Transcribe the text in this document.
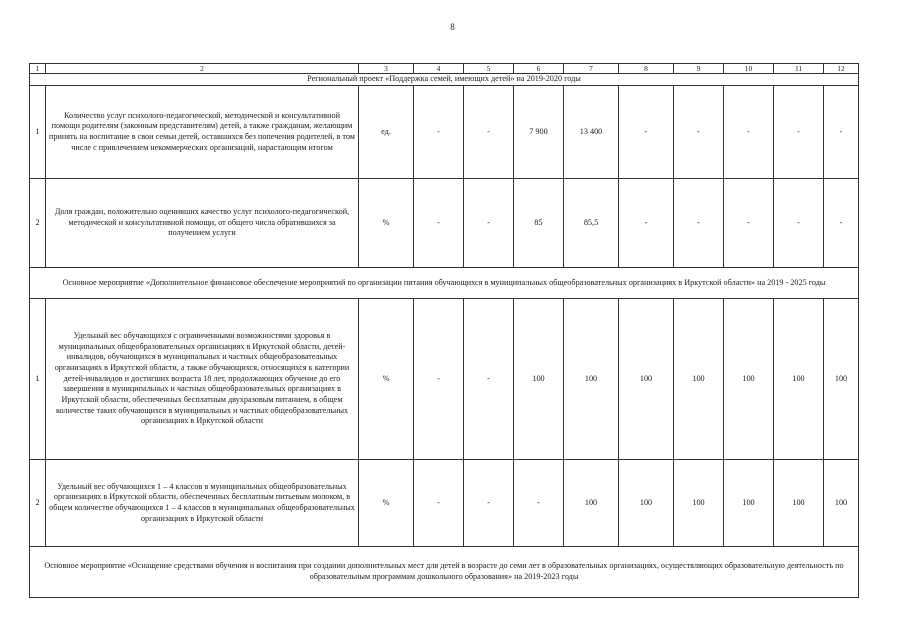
8
1	2	3	4	5	6	7	8	9	10	11	12
Региональный проект «Поддержка семей, имеющих детей» на 2019-2020 годы											
1	Количество услуг психолого-педагогической, методической и консультативной помощи родителям (законным представителям) детей, а также гражданам, желающим принять на воспитание в свои семьи детей, оставшихся без попечения родителей, в том числе с привлечением некоммерческих организаций, нарастающим итогом	ед.	-	-	7 900	13 400	-	-	-	-	-
2	Доля граждан, положительно оценивших качество услуг психолого-педагогической, методической и консультативной помощи, от общего числа обратившихся за получением услуги	%	-	-	85	85,5	-	-	-	-	-
Основное мероприятие «Дополнительное финансовое обеспечение мероприятий по организации питания обучающихся в муниципальных общеобразовательных организациях в Иркутской области» на 2019 - 2025 годы											
1	Удельный вес обучающихся с ограниченными возможностями здоровья в муниципальных общеобразовательных организациях в Иркутской области, детей-инвалидов, обучающихся в муниципальных и частных общеобразовательных организациях в Иркутской области, а также обучающихся, относящихся к категории детей-инвалидов и достигших возраста 18 лет, продолжающих обучение до его завершения в муниципальных и частных общеобразовательных организациях в Иркутской области, обеспеченных бесплатным двухразовым питанием, в общем количестве таких обучающихся в муниципальных и частных общеобразовательных организациях в Иркутской области	%	-	-	100	100	100	100	100	100	100
2	Удельный вес обучающихся 1 – 4 классов в муниципальных общеобразовательных организациях в Иркутской области, обеспеченных бесплатным питьевым молоком, в общем количестве обучающихся 1 – 4 классов в муниципальных общеобразовательных организациях в Иркутской области	%	-	-	-	100	100	100	100	100	100
Основное мероприятие «Оснащение средствами обучения и воспитания при создании дополнительных мест для детей в возрасте до семи лет в образовательных организациях, осуществляющих образовательную деятельность по образовательным программам дошкольного образования» на 2019-2023 годы											
